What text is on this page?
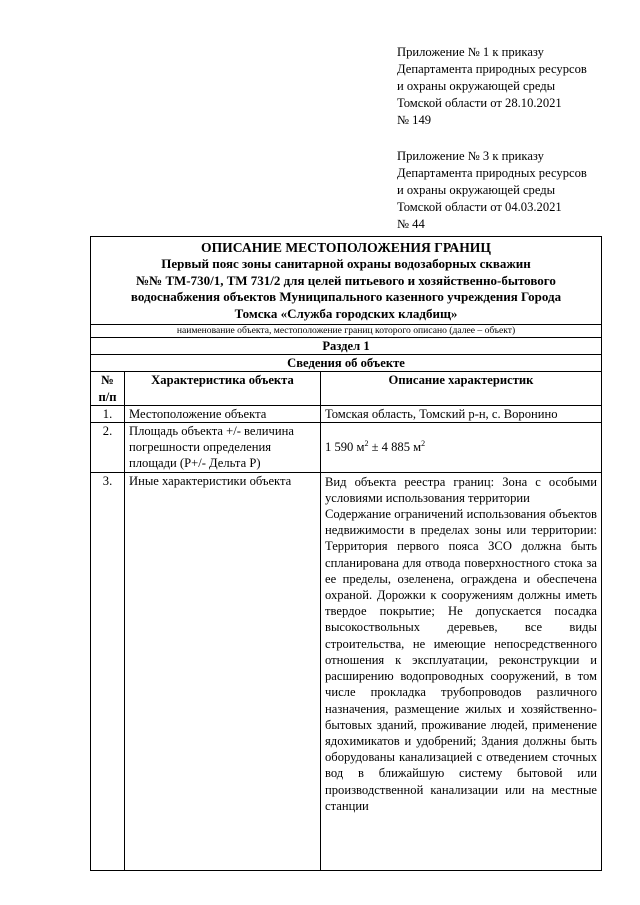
Приложение № 1 к приказу
Департамента природных ресурсов
и охраны окружающей среды
Томской области от 28.10.2021
№ 149
Приложение № 3 к приказу
Департамента природных ресурсов
и охраны окружающей среды
Томской области от 04.03.2021
№ 44
ОПИСАНИЕ МЕСТОПОЛОЖЕНИЯ ГРАНИЦ
Первый пояс зоны санитарной охраны водозаборных скважин
№№ ТМ-730/1, ТМ 731/2 для целей питьевого и хозяйственно-бытового
водоснабжения объектов Муниципального казенного учреждения Города
Томска «Служба городских кладбищ»		

наименование объекта, местоположение границ которого описано (далее – объект)		
Раздел 1		
Сведения об объекте		
№ п/п	Характеристика объекта	Описание характеристик
1.	Местоположение объекта	Томская область, Томский р-н, с. Воронино
2.	Площадь объекта +/- величина погрешности определения площади (Р+/- Дельта Р)	1 590 $м^2 \pm 4$ 885 $м^2$
3.	Иные характеристики объекта	Вид объекта реестра границ: Зона с особыми условиями использования территории

Содержание ограничений использования объектов недвижимости в пределах зоны или территории: Территория первого пояса ЗСО должна быть спланирована для отвода поверхностного стока за ее пределы, озеленена, ограждена и обеспечена охраной. Дорожки к сооружениям должны иметь твердое покрытие; Не допускается посадка высокоствольных деревьев, все виды строительства, не имеющие непосредственного отношения к эксплуатации, реконструкции и расширению водопроводных сооружений, в том числе прокладка трубопроводов различного назначения, размещение жилых и хозяйственно-бытовых зданий, проживание людей, применение ядохимикатов и удобрений; Здания должны быть оборудованы канализацией с отведением сточных вод в ближайшую систему бытовой или производственной канализации или на местные станции
